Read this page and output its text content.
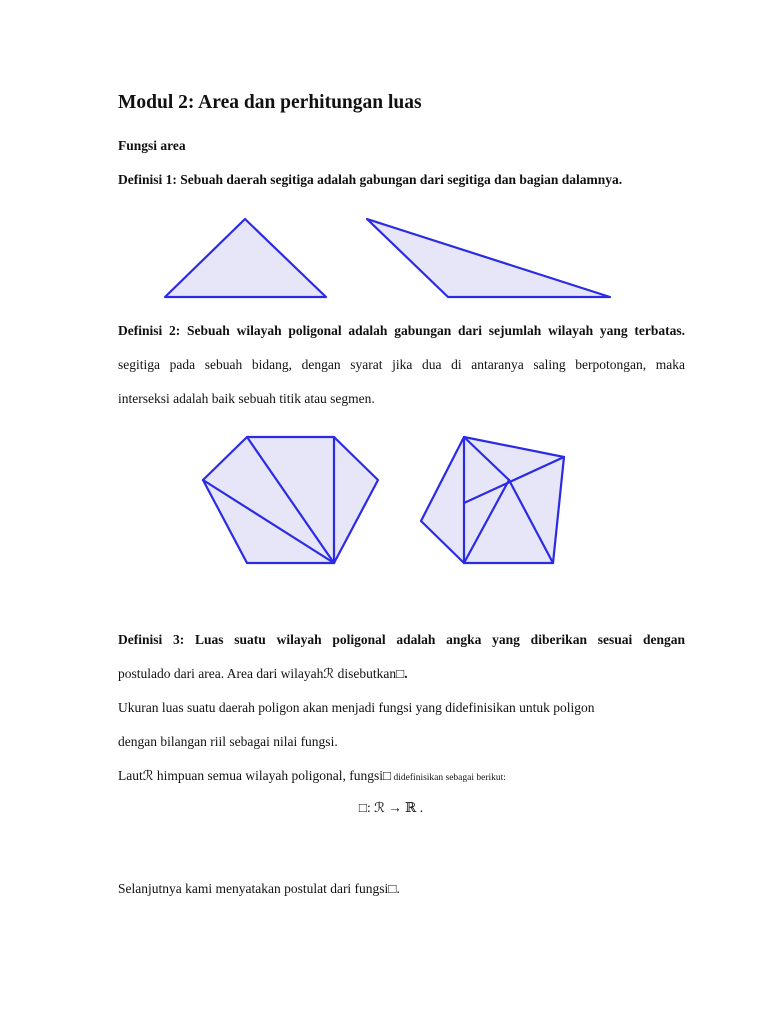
Modul 2: Area dan perhitungan luas
Fungsi area
Definisi 1: Sebuah daerah segitiga adalah gabungan dari segitiga dan bagian dalamnya.
Definisi 2: Sebuah wilayah poligonal adalah gabungan dari sejumlah wilayah yang terbatas.
segitiga pada sebuah bidang, dengan syarat jika dua di antaranya saling berpotongan, maka
interseksi adalah baik sebuah titik atau segmen.
Definisi 3: Luas suatu wilayah poligonal adalah angka yang diberikan sesuai dengan
postulado dari area. Area dari wilayahℛ disebutkan□.
Ukuran luas suatu daerah poligon akan menjadi fungsi yang didefinisikan untuk poligon
dengan bilangan riil sebagai nilai fungsi.
Lautℛ himpuan semua wilayah poligonal, fungsi□ didefinisikan sebagai berikut:
□: ℛ → ℝ .
Selanjutnya kami menyatakan postulat dari fungsi□.
